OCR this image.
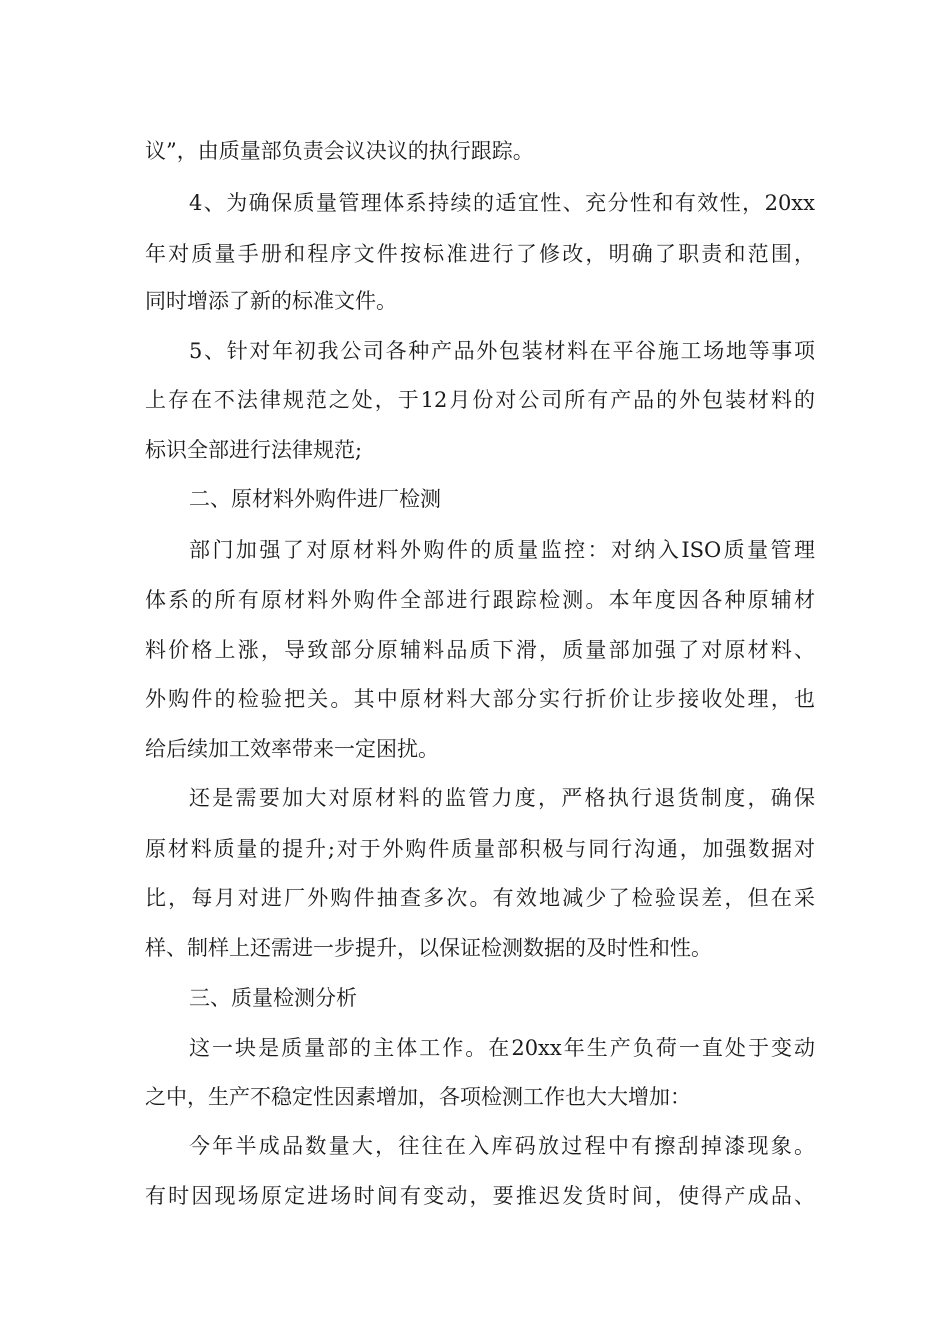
议”，由质量部负责会议决议的执行跟踪。
4、为确保质量管理体系持续的适宜性、充分性和有效性，20xx
年对质量手册和程序文件按标准进行了修改，明确了职责和范围，
同时增添了新的标准文件。
5、针对年初我公司各种产品外包装材料在平谷施工场地等事项
上存在不法律规范之处，于12月份对公司所有产品的外包装材料的
标识全部进行法律规范;
二、原材料外购件进厂检测
部门加强了对原材料外购件的质量监控：对纳入ISO质量管理
体系的所有原材料外购件全部进行跟踪检测。本年度因各种原辅材
料价格上涨，导致部分原辅料品质下滑，质量部加强了对原材料、
外购件的检验把关。其中原材料大部分实行折价让步接收处理，也
给后续加工效率带来一定困扰。
还是需要加大对原材料的监管力度，严格执行退货制度，确保
原材料质量的提升;对于外购件质量部积极与同行沟通，加强数据对
比，每月对进厂外购件抽查多次。有效地减少了检验误差，但在采
样、制样上还需进一步提升，以保证检测数据的及时性和性。
三、质量检测分析
这一块是质量部的主体工作。在20xx年生产负荷一直处于变动
之中，生产不稳定性因素增加，各项检测工作也大大增加：
今年半成品数量大，往往在入库码放过程中有擦刮掉漆现象。
有时因现场原定进场时间有变动，要推迟发货时间，使得产成品、
